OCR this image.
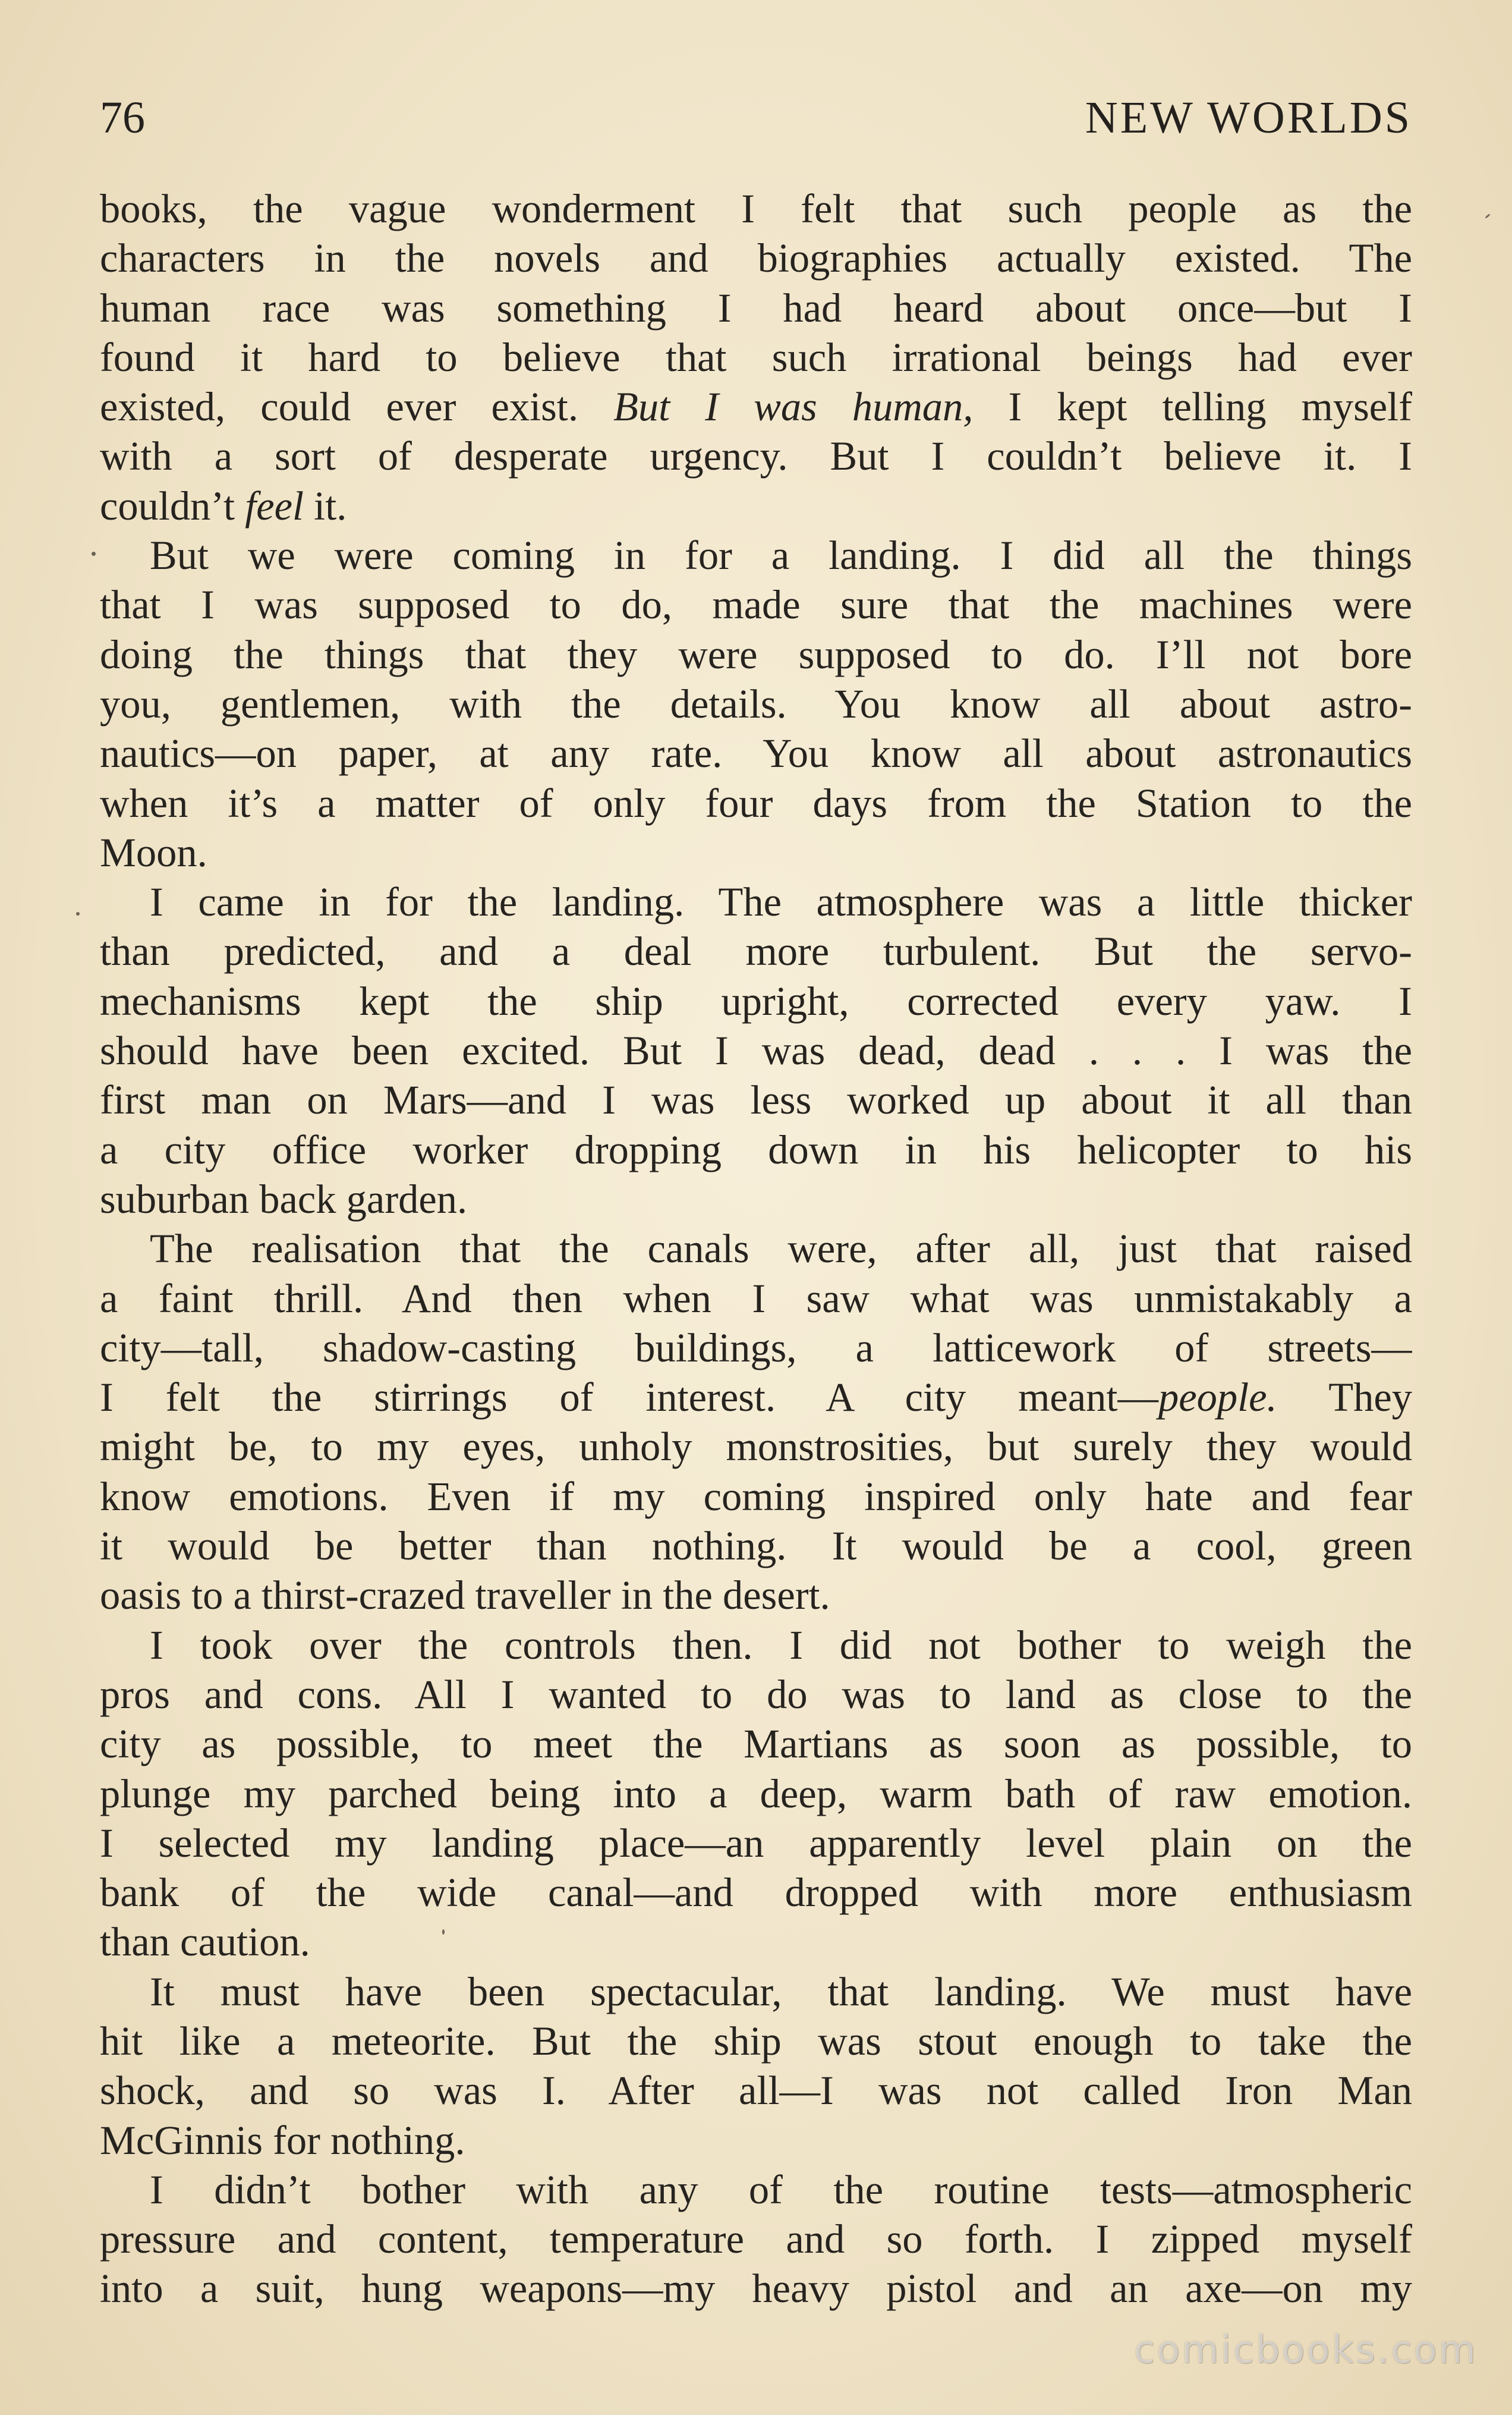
76	NEW WORLDS
books, the vague wonderment I felt that such people as the
characters in the novels and biographies actually existed. The
human race was something I had heard about once—but I
found it hard to believe that such irrational beings had ever
existed, could ever exist. But I was human, I kept telling myself
with a sort of desperate urgency. But I couldn’t believe it. I
couldn’t feel it.
But we were coming in for a landing. I did all the things
that I was supposed to do, made sure that the machines were
doing the things that they were supposed to do. I’ll not bore
you, gentlemen, with the details. You know all about astro-
nautics—on paper, at any rate. You know all about astronautics
when it’s a matter of only four days from the Station to the
Moon.
I came in for the landing. The atmosphere was a little thicker
than predicted, and a deal more turbulent. But the servo-
mechanisms kept the ship upright, corrected every yaw. I
should have been excited. But I was dead, dead . . . I was the
first man on Mars—and I was less worked up about it all than
a city office worker dropping down in his helicopter to his
suburban back garden.
The realisation that the canals were, after all, just that raised
a faint thrill. And then when I saw what was unmistakably a
city—tall, shadow-casting buildings, a latticework of streets—
I felt the stirrings of interest. A city meant—people. They
might be, to my eyes, unholy monstrosities, but surely they would
know emotions. Even if my coming inspired only hate and fear
it would be better than nothing. It would be a cool, green
oasis to a thirst-crazed traveller in the desert.
I took over the controls then. I did not bother to weigh the
pros and cons. All I wanted to do was to land as close to the
city as possible, to meet the Martians as soon as possible, to
plunge my parched being into a deep, warm bath of raw emotion.
I selected my landing place—an apparently level plain on the
bank of the wide canal—and dropped with more enthusiasm
than caution.
It must have been spectacular, that landing. We must have
hit like a meteorite. But the ship was stout enough to take the
shock, and so was I. After all—I was not called Iron Man
McGinnis for nothing.
I didn’t bother with any of the routine tests—atmospheric
pressure and content, temperature and so forth. I zipped myself
into a suit, hung weapons—my heavy pistol and an axe—on my
comicbooks.com
